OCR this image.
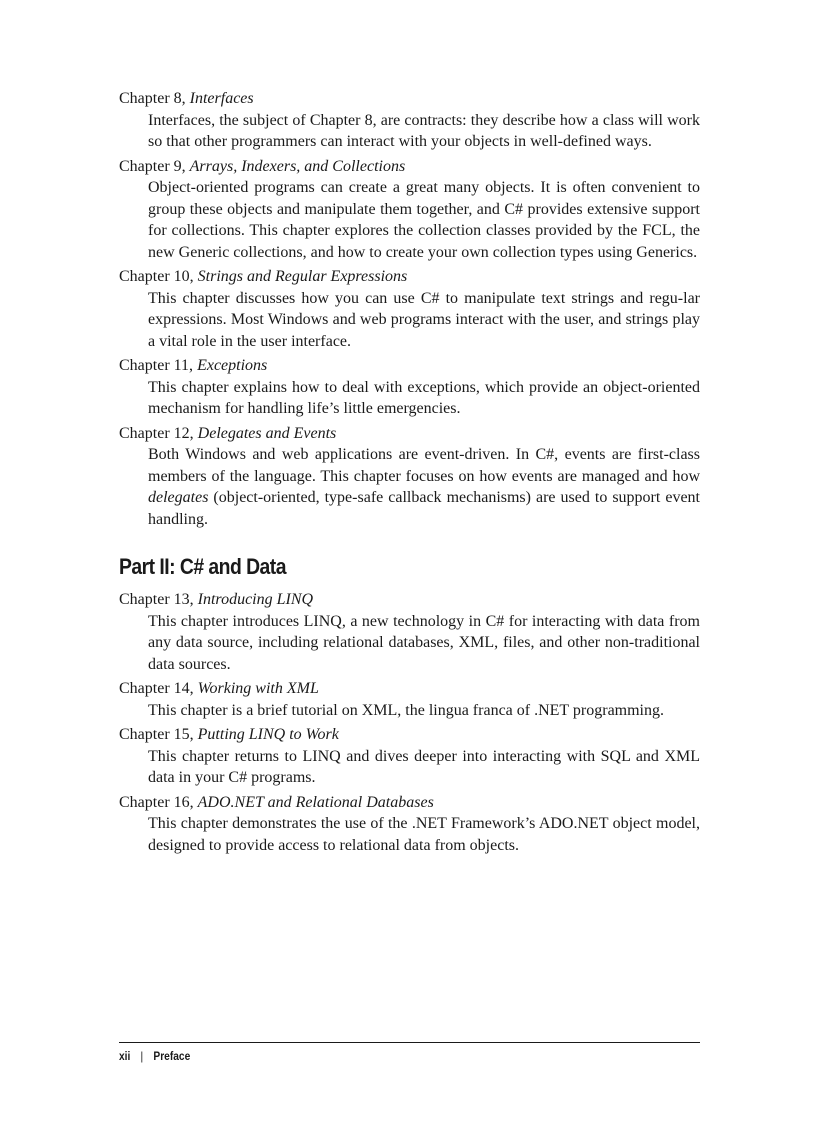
Chapter 8, Interfaces
Interfaces, the subject of Chapter 8, are contracts: they describe how a class will work so that other programmers can interact with your objects in well-defined ways.
Chapter 9, Arrays, Indexers, and Collections
Object-oriented programs can create a great many objects. It is often convenient to group these objects and manipulate them together, and C# provides extensive support for collections. This chapter explores the collection classes provided by the FCL, the new Generic collections, and how to create your own collection types using Generics.
Chapter 10, Strings and Regular Expressions
This chapter discusses how you can use C# to manipulate text strings and regu-lar expressions. Most Windows and web programs interact with the user, and strings play a vital role in the user interface.
Chapter 11, Exceptions
This chapter explains how to deal with exceptions, which provide an object-oriented mechanism for handling life’s little emergencies.
Chapter 12, Delegates and Events
Both Windows and web applications are event-driven. In C#, events are first-class members of the language. This chapter focuses on how events are managed and how delegates (object-oriented, type-safe callback mechanisms) are used to support event handling.
Part II: C# and Data
Chapter 13, Introducing LINQ
This chapter introduces LINQ, a new technology in C# for interacting with data from any data source, including relational databases, XML, files, and other non-traditional data sources.
Chapter 14, Working with XML
This chapter is a brief tutorial on XML, the lingua franca of .NET programming.
Chapter 15, Putting LINQ to Work
This chapter returns to LINQ and dives deeper into interacting with SQL and XML data in your C# programs.
Chapter 16, ADO.NET and Relational Databases
This chapter demonstrates the use of the .NET Framework’s ADO.NET object model, designed to provide access to relational data from objects.
xii | Preface
